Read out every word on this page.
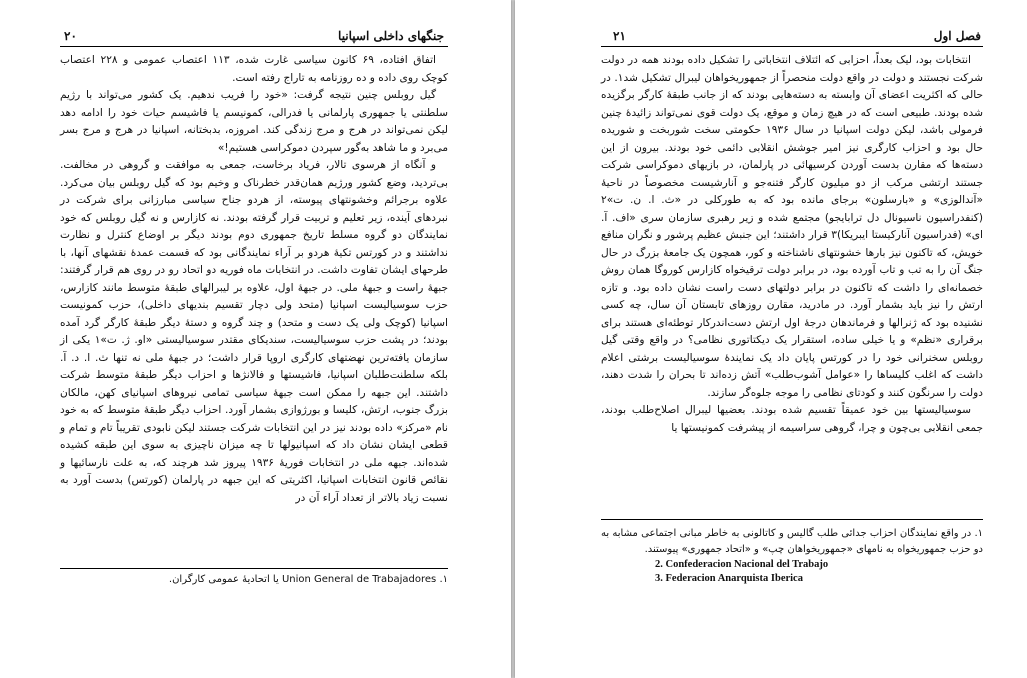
۲۰	جنگهای داخلی اسپانیا

اتفاق افتاده، ۶۹ کانون سیاسی غارت شده، ۱۱۳ اعتصاب عمومی و ۲۲۸ اعتصاب کوچک روی داده و ده روزنامه به تاراج رفته است.

گیل روبلس چنین نتیجه گرفت: «خود را فریب ندهیم. یک کشور می‌تواند با رژیم سلطنتی یا جمهوری پارلمانی یا فدرالی، کمونیسم یا فاشیسم حیات خود را ادامه دهد لیکن نمی‌تواند در هرج و مرج زندگی کند. امروزه، بدبختانه، اسپانیا در هرج و مرج بسر می‌برد و ما شاهد به‌گور سپردن دموکراسی هستیم!»

و آنگاه از هرسوی تالار، فریاد برخاست، جمعی به موافقت و گروهی در مخالفت. بی‌تردید، وضع کشور ورژیم همان‌قدر خطرناک و وخیم بود که گیل روبلس بیان می‌کرد. علاوه برجرائم وخشونتهای پیوسته، از هردو جناح سیاسی مبارزانی برای شرکت در نبردهای آینده، زیر تعلیم و تربیت قرار گرفته بودند. نه کازارس و نه گیل روبلس که خود نمایندگان دو گروه مسلط تاریخ جمهوری دوم بودند دیگر بر اوضاع کنترل و نظارت نداشتند و در کورتس تکیهٔ هردو بر آراء نمایندگانی بود که قسمت عمدهٔ نقشهای آنها، با طرحهای ایشان تفاوت داشت. در انتخابات ماه فوریه دو اتحاد رو در روی هم قرار گرفتند: جبههٔ راست و جبههٔ ملی. در جبههٔ اول، علاوه بر لیبرالهای طبقهٔ متوسط مانند کازارس، حزب سوسیالیست اسپانیا (متحد ولی دچار تقسیم بندیهای داخلی)، حزب کمونیست اسپانیا (کوچک ولی یک دست و متحد) و چند گروه و دستهٔ دیگر طبقهٔ کارگر گرد آمده بودند؛ در پشت حزب سوسیالیست، سندیکای مقتدر سوسیالیستی «او. ژ. ت»۱ یکی از سازمان یافته‌ترین نهضتهای کارگری اروپا قرار داشت؛ در جبههٔ ملی نه تنها ث. ا. د. آ. بلکه سلطنت‌طلبان اسپانیا، فاشیستها و فالانژها و احزاب دیگر طبقهٔ متوسط شرکت داشتند. این جبهه را ممکن است جبههٔ سیاسی تمامی نیروهای اسپانیای کهن، مالکان بزرگ جنوب، ارتش، کلیسا و بورژوازی بشمار آورد. احزاب دیگر طبقهٔ متوسط که به خود نام «مرکز» داده بودند نیز در این انتخابات شرکت جستند لیکن نابودی تقریباً تام و تمام و قطعی ایشان نشان داد که اسپانیولها تا چه میزان ناچیزی به سوی این طبقه کشیده شده‌اند. جبهه ملی در انتخابات فوریهٔ ۱۹۳۶ پیروز شد هرچند که، به علت نارسائیها و نقائص قانون انتخابات اسپانیا، اکثریتی که این جبهه در پارلمان (کورتس) بدست آورد به نسبت زیاد بالاتر از تعداد آراء آن در

۱. Union General de Trabajadores یا اتحادیهٔ عمومی کارگران.

۲۱	فصل اول

انتخابات بود، لیک بعداً، احزابی که ائتلاف انتخاباتی را تشکیل داده بودند همه در دولت شرکت نجستند و دولت در واقع دولت منحصراً از جمهوریخواهان لیبرال تشکیل شد۱. در حالی که اکثریت اعضای آن وابسته به دسته‌هایی بودند که از جانب طبقهٔ کارگر برگزیده شده بودند. طبیعی است که در هیچ زمان و موقع، یک دولت قوی نمی‌تواند زائیدهٔ چنین فرمولی باشد، لیکن دولت اسپانیا در سال ۱۹۳۶ حکومتی سخت شوربخت و شوریده حال بود و احزاب کارگری نیز امیر جوشش انقلابی دائمی خود بودند. بیرون از این دسته‌ها که مقارن بدست آوردن کرسیهائی در پارلمان، در بازیهای دموکراسی شرکت جستند ارتشی مرکب از دو میلیون کارگر فتنه‌جو و آنارشیست مخصوصاً در ناحیهٔ «آندالوزی» و «بارسلون» برجای مانده بود که به طورکلی در «ث. ا. ن. ت»۲ (کنفدراسیون ناسیونال دل ترابایجو) مجتمع شده و زیر رهبری سازمان سری «اف. آ. ای» (فدراسیون آنارکیستا ایبریکا)۳ قرار داشتند؛ این جنبش عظیم پرشور و نگران منافع خویش، که تاکنون نیز بارها خشونتهای ناشناخته و کور، همچون یک جامعهٔ بزرگ در حال جنگ آن را به تب و تاب آورده بود، در برابر دولت ترقیخواه کازارس کوروگا همان روش خصمانه‌ای را داشت که تاکنون در برابر دولتهای دست راست نشان داده بود. و تازه ارتش را نیز باید بشمار آورد. در مادرید، مقارن روزهای تابستان آن سال، چه کسی نشنیده بود که ژنرالها و فرماندهان درجهٔ اول ارتش دست‌اندرکار توطئه‌ای هستند برای برقراری «نظم» و یا خیلی ساده، استقرار یک دیکتاتوری نظامی؟ در واقع وقتی گیل روبلس سخنرانی خود را در کورتس پایان داد یک نمایندهٔ سوسیالیست برشتی اعلام داشت که اغلب کلیساها را «عوامل آشوب‌طلب» آتش زده‌اند تا بحران را شدت دهند، دولت را سرنگون کنند و کودتای نظامی را موجه جلوه‌گر سازند.

سوسیالیستها بین خود عمیقاً تقسیم شده بودند. بعضیها لیبرال اصلاح‌طلب بودند، جمعی انقلابی بی‌چون و چرا، گروهی سراسیمه از پیشرفت کمونیستها یا

۱. در واقع نمایندگان احزاب جدائی طلب گالیس و کاتالونی به خاطر مبانی اجتماعی مشابه به دو حزب جمهوریخواه به نامهای «جمهوریخواهان چپ» و «اتحاد جمهوری» پیوستند.

2. Confederacion Nacional del Trabajo

3. Federacion Anarquista Iberica
